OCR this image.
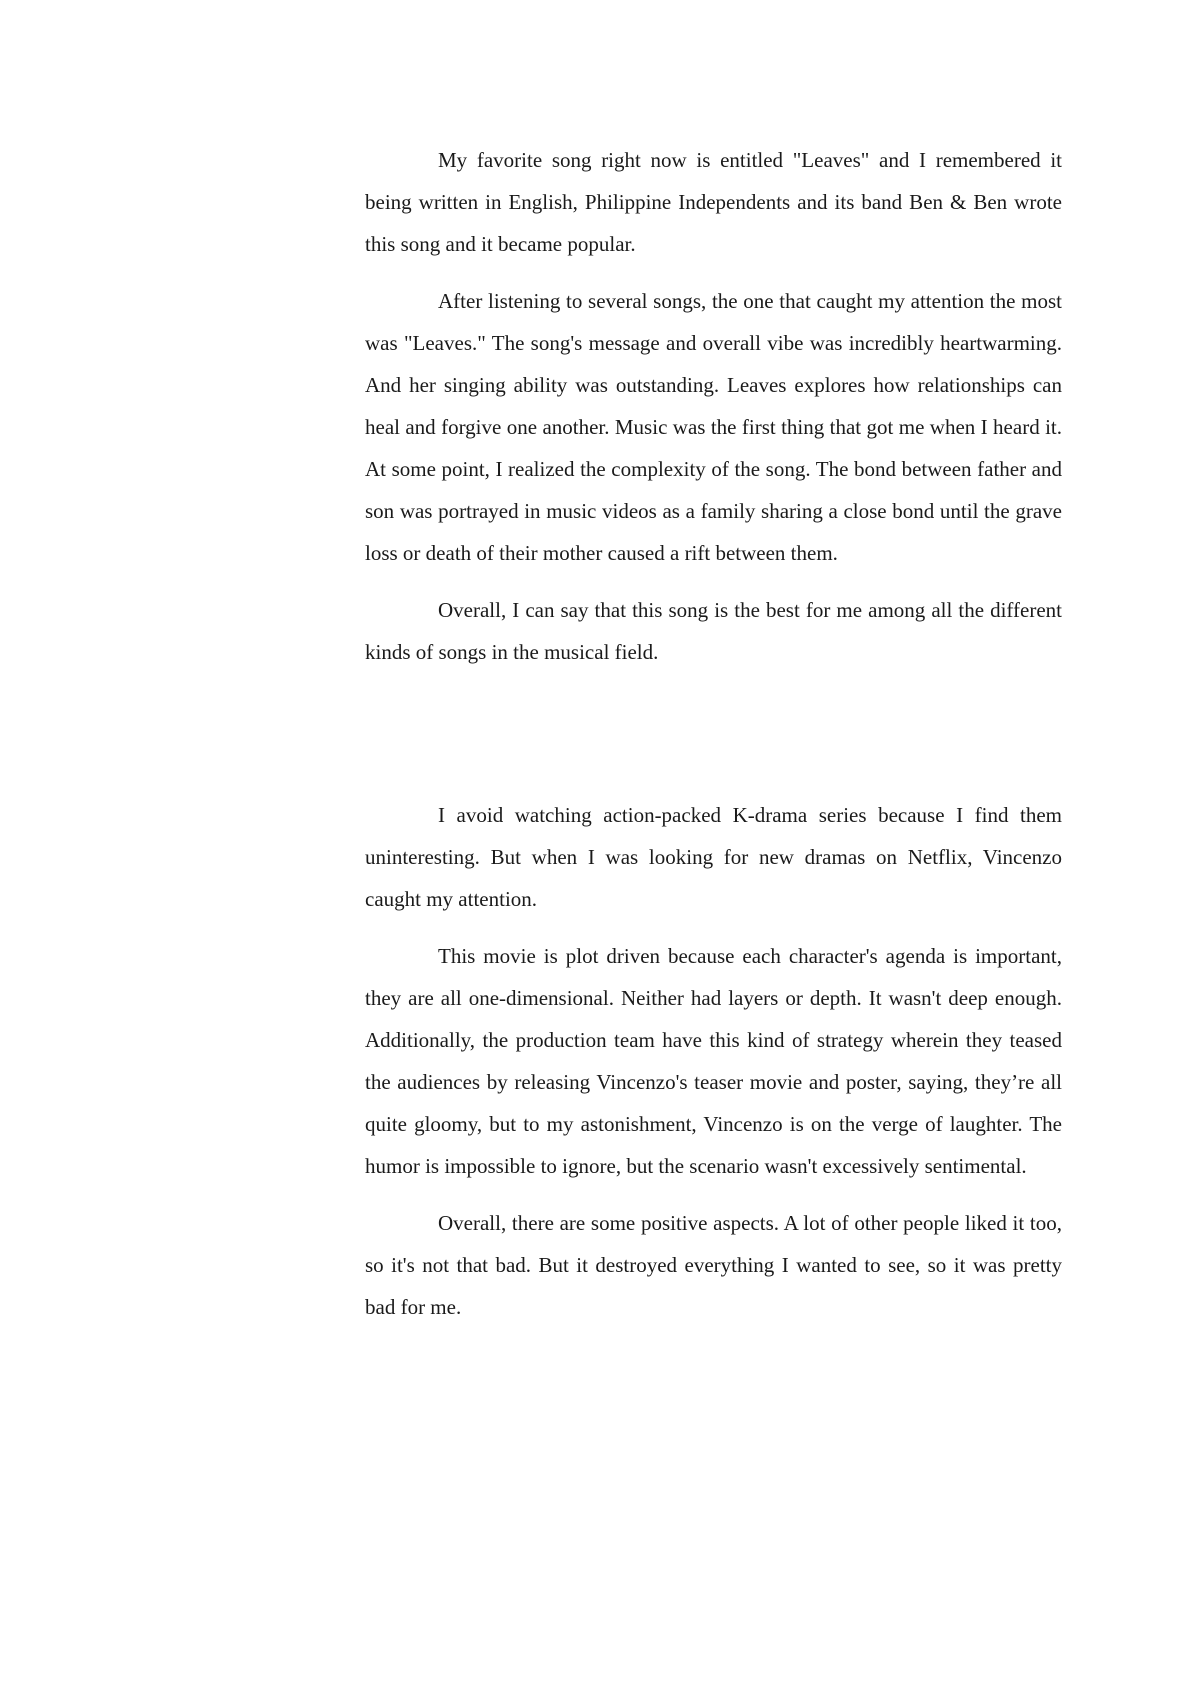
My favorite song right now is entitled "Leaves" and I remembered it being written in English, Philippine Independents and its band Ben & Ben wrote this song and it became popular.

After listening to several songs, the one that caught my attention the most was "Leaves." The song's message and overall vibe was incredibly heartwarming. And her singing ability was outstanding. Leaves explores how relationships can heal and forgive one another. Music was the first thing that got me when I heard it. At some point, I realized the complexity of the song. The bond between father and son was portrayed in music videos as a family sharing a close bond until the grave loss or death of their mother caused a rift between them.

Overall, I can say that this song is the best for me among all the different kinds of songs in the musical field.

I avoid watching action-packed K-drama series because I find them uninteresting. But when I was looking for new dramas on Netflix, Vincenzo caught my attention.

This movie is plot driven because each character's agenda is important, they are all one-dimensional. Neither had layers or depth. It wasn't deep enough. Additionally, the production team have this kind of strategy wherein they teased the audiences by releasing Vincenzo's teaser movie and poster, saying, they’re all quite gloomy, but to my astonishment, Vincenzo is on the verge of laughter. The humor is impossible to ignore, but the scenario wasn't excessively sentimental.

Overall, there are some positive aspects. A lot of other people liked it too, so it's not that bad. But it destroyed everything I wanted to see, so it was pretty bad for me.
